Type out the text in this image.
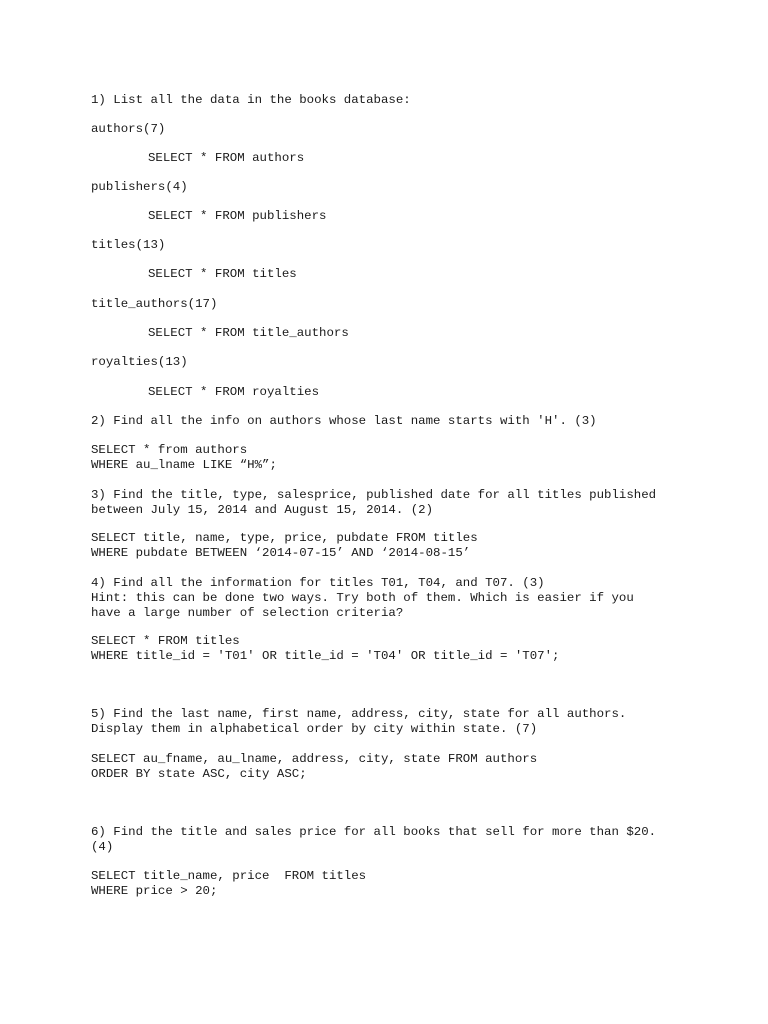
1) List all the data in the books database:

authors(7)

SELECT * FROM authors

publishers(4)

SELECT * FROM publishers

titles(13)

SELECT * FROM titles

title_authors(17)

SELECT * FROM title_authors

royalties(13)

SELECT * FROM royalties

2) Find all the info on authors whose last name starts with 'H'. (3)

SELECT * from authors

WHERE au_lname LIKE “H%”;

3) Find the title, type, salesprice, published date for all titles published

between July 15, 2014 and August 15, 2014. (2)

SELECT title, name, type, price, pubdate FROM titles

WHERE pubdate BETWEEN ‘2014-07-15’ AND ‘2014-08-15’

4) Find all the information for titles T01, T04, and T07. (3)

Hint: this can be done two ways. Try both of them. Which is easier if you

have a large number of selection criteria?

SELECT * FROM titles

WHERE title_id = 'T01' OR title_id = 'T04' OR title_id = 'T07';

5) Find the last name, first name, address, city, state for all authors.

Display them in alphabetical order by city within state. (7)

SELECT au_fname, au_lname, address, city, state FROM authors

ORDER BY state ASC, city ASC;

6) Find the title and sales price for all books that sell for more than $20.

(4)

SELECT title_name, price  FROM titles

WHERE price > 20;
